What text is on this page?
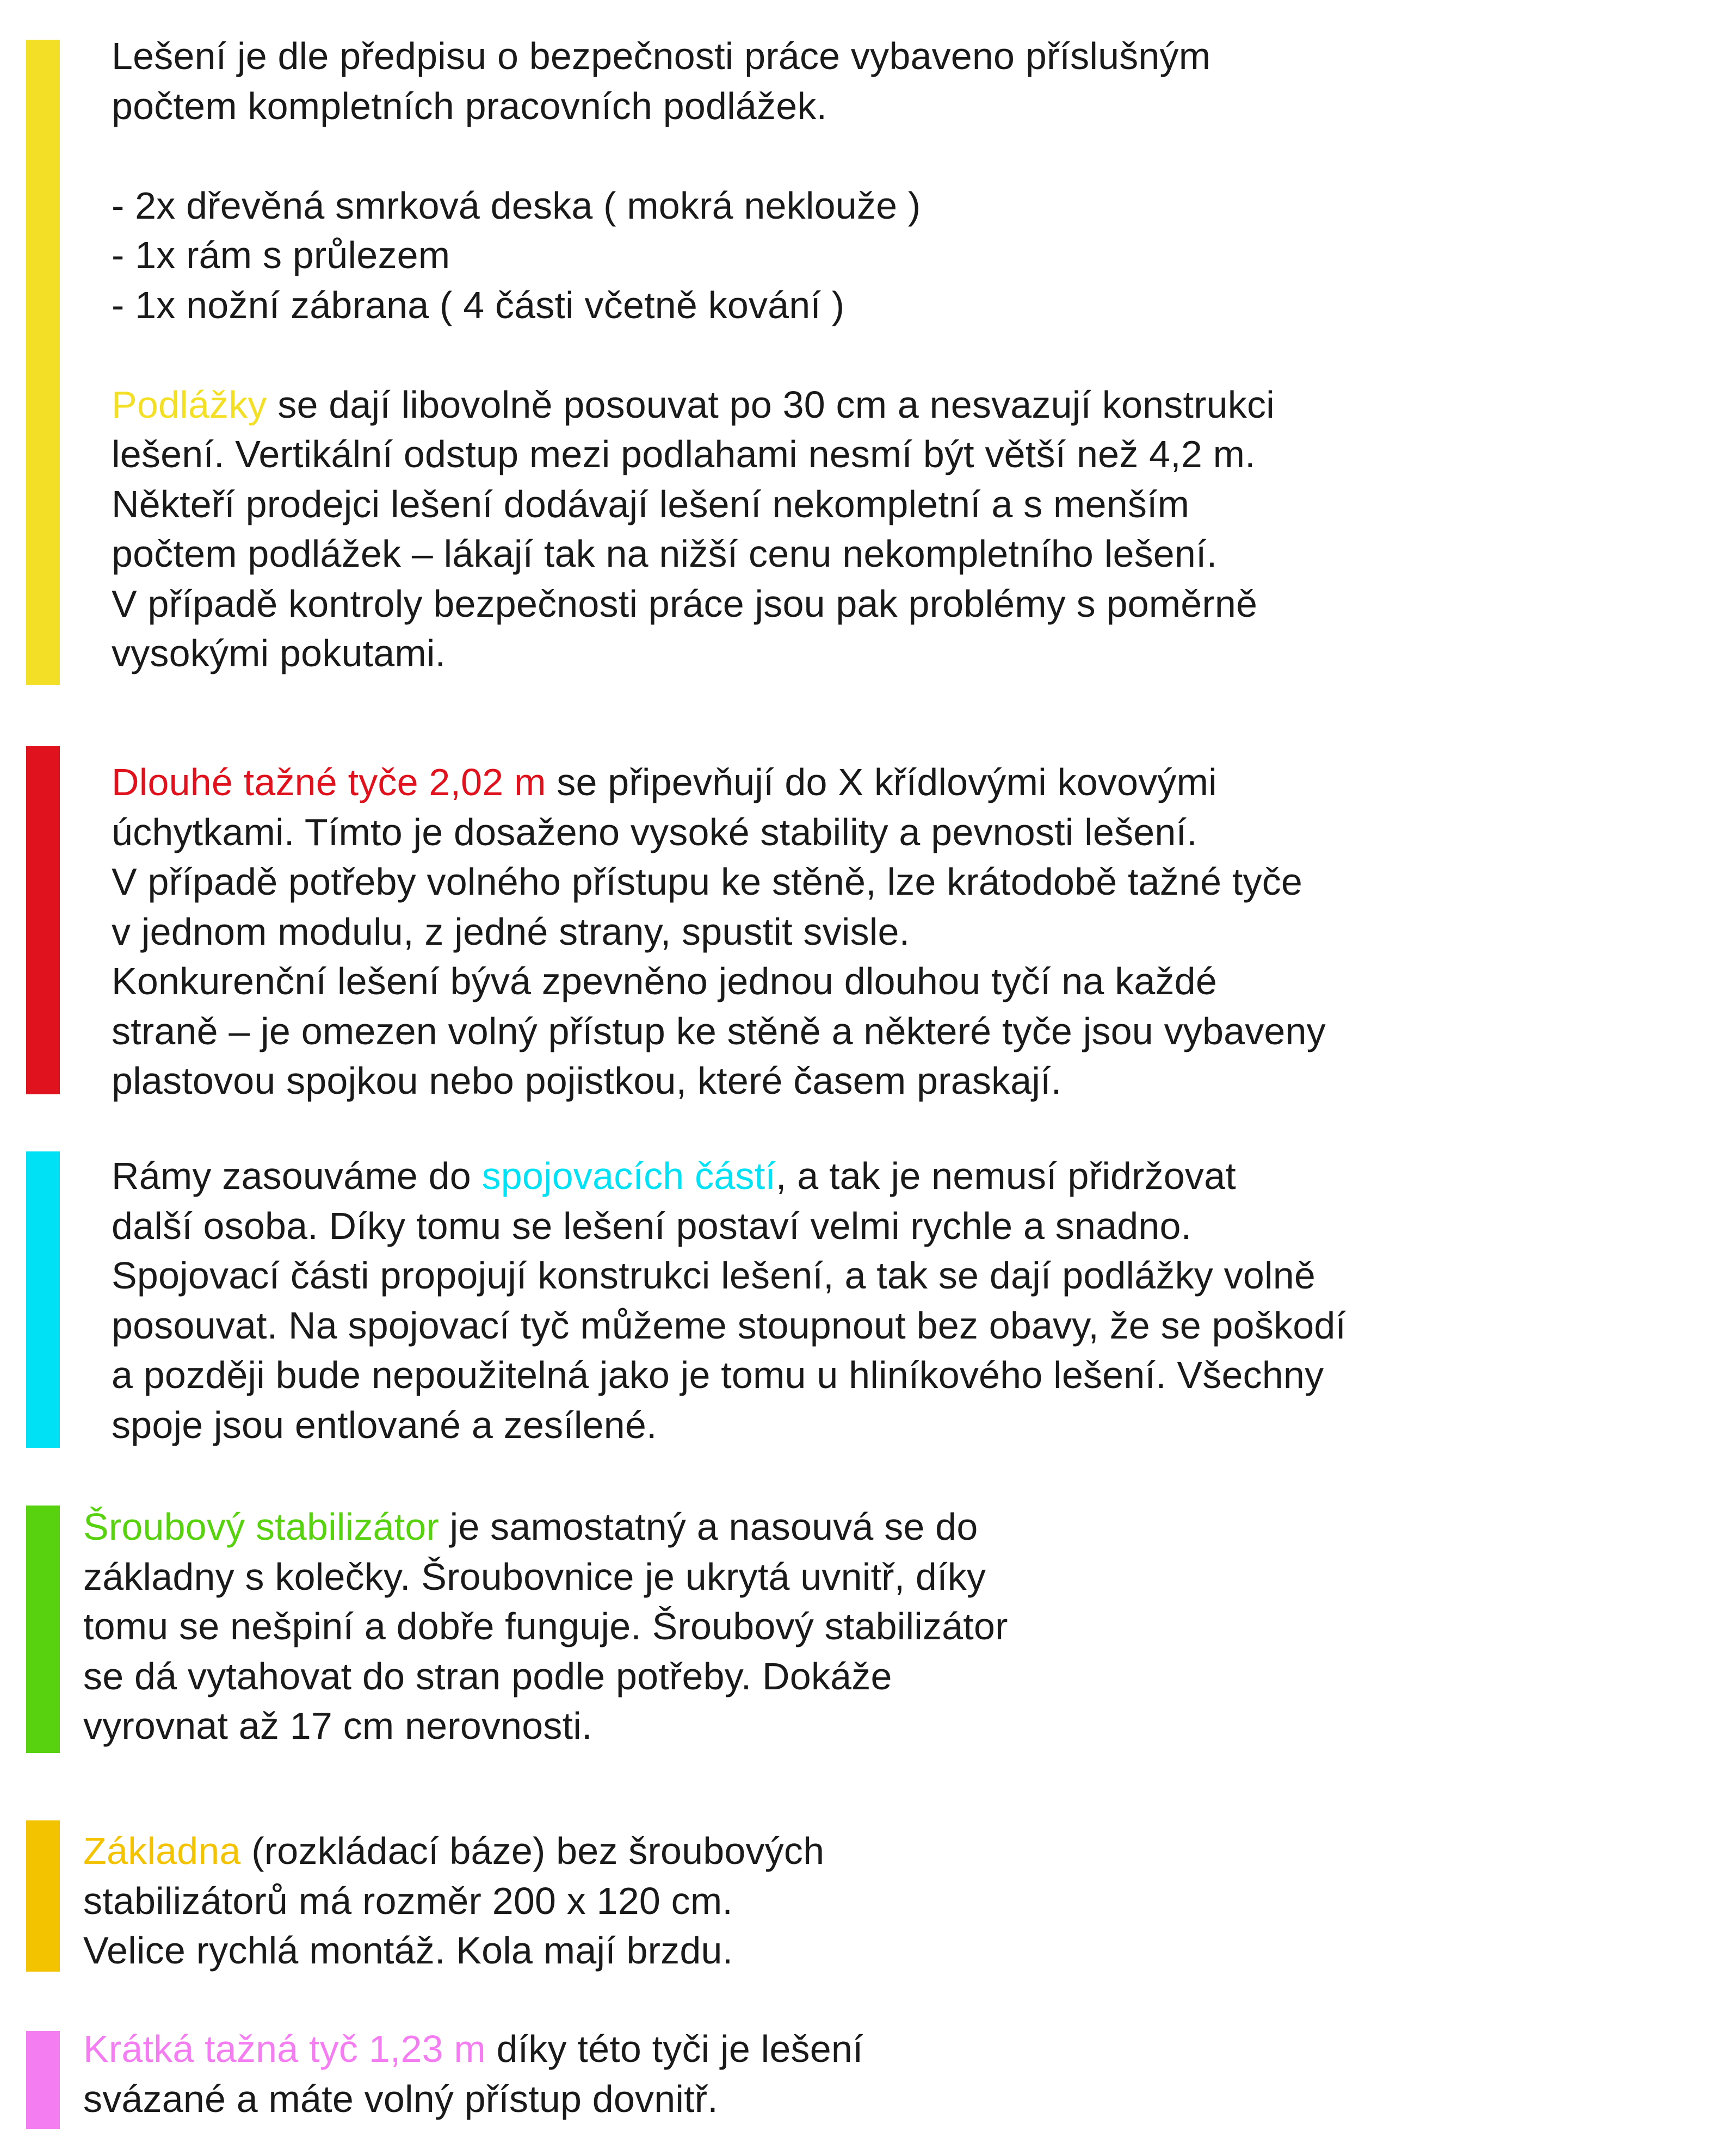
Lešení je dle předpisu o bezpečnosti práce vybaveno příslušným
počtem kompletních pracovních podlážek.
- 2x dřevěná smrková deska ( mokrá neklouže )
- 1x rám s průlezem
- 1x nožní zábrana ( 4 části včetně kování )
Podlážky se dají libovolně posouvat po 30 cm a nesvazují konstrukci
lešení. Vertikální odstup mezi podlahami nesmí být větší než 4,2 m.
Někteří prodejci lešení dodávají lešení nekompletní a s menším
počtem podlážek – lákají tak na nižší cenu nekompletního lešení.
V případě kontroly bezpečnosti práce jsou pak problémy s poměrně
vysokými pokutami.
Dlouhé tažné tyče 2,02 m se připevňují do X křídlovými kovovými
úchytkami. Tímto je dosaženo vysoké stability a pevnosti lešení.
V případě potřeby volného přístupu ke stěně, lze krátodobě tažné tyče
v jednom modulu, z jedné strany, spustit svisle.
Konkurenční lešení bývá zpevněno jednou dlouhou tyčí na každé
straně – je omezen volný přístup ke stěně a některé tyče jsou vybaveny
plastovou spojkou nebo pojistkou, které časem praskají.
Rámy zasouváme do spojovacích částí, a tak je nemusí přidržovat
další osoba. Díky tomu se lešení postaví velmi rychle a snadno.
Spojovací části propojují konstrukci lešení, a tak se dají podlážky volně
posouvat. Na spojovací tyč můžeme stoupnout bez obavy, že se poškodí
a později bude nepoužitelná jako je tomu u hliníkového lešení. Všechny
spoje jsou entlované a zesílené.
Šroubový stabilizátor je samostatný a nasouvá se do
základny s kolečky. Šroubovnice je ukrytá uvnitř, díky
tomu se nešpiní a dobře funguje. Šroubový stabilizátor
se dá vytahovat do stran podle potřeby. Dokáže
vyrovnat až 17 cm nerovnosti.
Základna (rozkládací báze) bez šroubových
stabilizátorů má rozměr 200 x 120 cm.
Velice rychlá montáž. Kola mají brzdu.
Krátká tažná tyč 1,23 m díky této tyči je lešení
svázané a máte volný přístup dovnitř.
